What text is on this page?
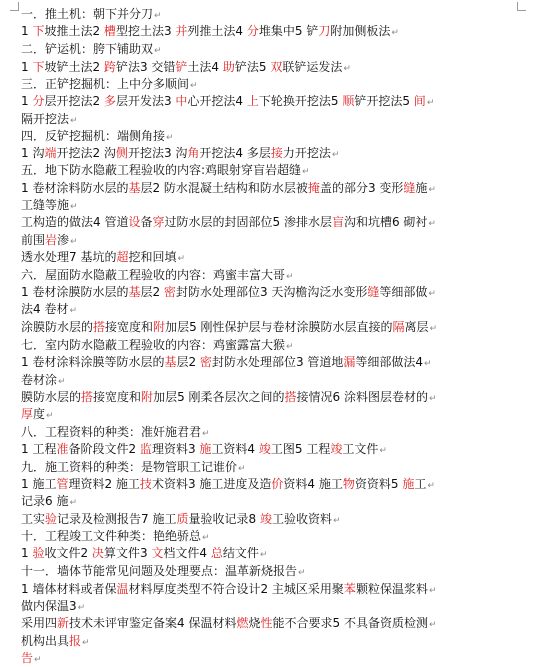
一．推土机：朝下并分刀↵
1 下坡推土法2 槽型挖土法3 并列推土法4 分堆集中5 铲刀附加侧板法↵
二．铲运机：胯下铺助双↵
1 下坡铲土法2 跨铲法3 交错铲土法4 助铲法5 双联铲运发法↵
三．正铲挖掘机：上中分多顺间↵
1 分层开挖法2 多层开发法3 中心开挖法4 上下轮换开挖法5 顺铲开挖法5 间↵
隔开挖法↵
四．反铲挖掘机：端侧角接↵
1 沟端开挖法2 沟侧开挖法3 沟角开挖法4 多层接力开挖法↵
五．地下防水隐蔽工程验收的内容:鸡眼射穿盲岩超缝↵
1 卷材涂料防水层的基层2 防水混凝土结构和防水层被掩盖的部分3 变形缝施↵
工缝等施↵
工构造的做法4 管道设备穿过防水层的封固部位5 渗排水层盲沟和坑槽6 砌衬↵
前围岩渗↵
透水处理7 基坑的超挖和回填↵
六．屋面防水隐蔽工程验收的内容：鸡蜜丰富大哥↵
1 卷材涂膜防水层的基层2 密封防水处理部位3 天沟檐沟泛水变形缝等细部做↵
法4 卷材↵
涂膜防水层的搭接宽度和附加层5 刚性保护层与卷材涂膜防水层直接的隔离层↵
七．室内防水隐蔽工程验收的内容：鸡蜜露富大猴↵
1 卷材涂料涂膜等防水层的基层2 密封防水处理部位3 管道地漏等细部做法4↵
卷材涂↵
膜防水层的搭接宽度和附加层5 刚柔各层次之间的搭接情况6 涂料图层卷材的↵
厚度↵
八．工程资料的种类：准奸施君君↵
1 工程准备阶段文件2 监理资料3 施工资料4 竣工图5 工程竣工文件↵
九．施工资料的种类：是物管职工记谁价↵
1 施工管理资料2 施工技术资料3 施工进度及造价资料4 施工物资资料5 施工↵
记录6 施↵
工实验记录及检测报告7 施工质量验收记录8 竣工验收资料↵
十．工程竣工文件种类：艳绝骄总↵
1 验收文件2 决算文件3 文档文件4 总结文件↵
十一．墙体节能常见问题及处理要点：温革新烧报告↵
1 墙体材料或者保温材料厚度类型不符合设计2 主城区采用聚苯颗粒保温浆料↵
做内保温3↵
采用四新技术未评审鉴定备案4 保温材料燃烧性能不合要求5 不具备资质检测↵
机构出具报↵
告↵
